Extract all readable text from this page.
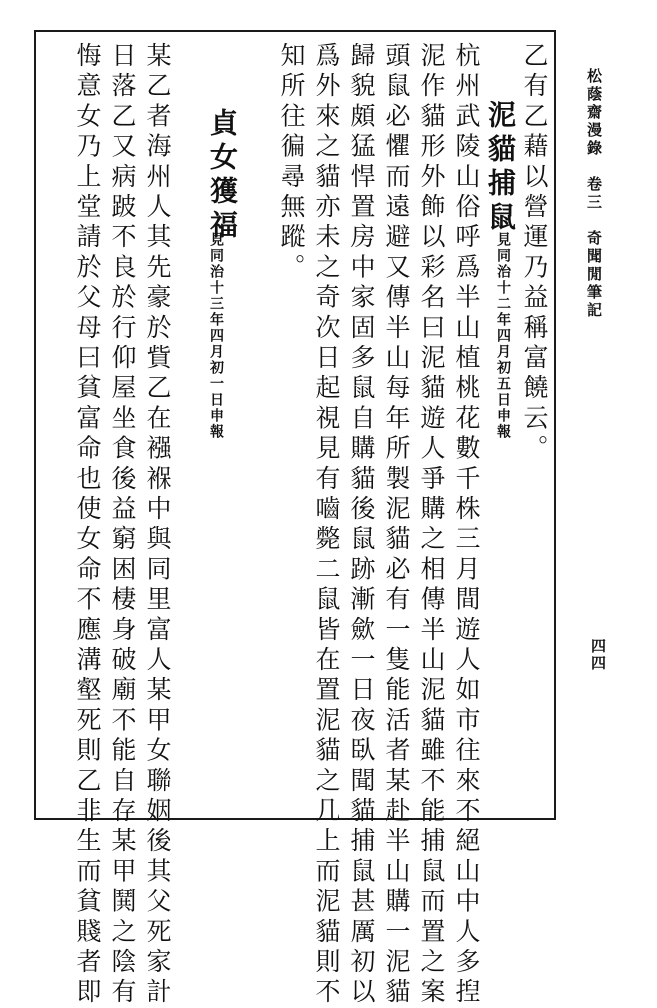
松蔭齋漫錄卷三奇聞閒筆記
四四
乙有乙藉以營運乃益稱富饒云。
泥貓捕鼠
見同治十二年四月初五日申報
杭州武陵山俗呼爲半山植桃花數千株三月間遊人如市往來不絕山中人多揑
泥作貓形外飾以彩名曰泥貓遊人爭購之相傳半山泥貓雖不能捕鼠而置之案
頭鼠必懼而遠避又傳半山每年所製泥貓必有一隻能活者某赴半山購一泥貓
歸貌頗猛悍置房中家固多鼠自購貓後鼠跡漸歛一日夜臥聞貓捕鼠甚厲初以
爲外來之貓亦未之奇次日起視見有嚙斃二鼠皆在置泥貓之几上而泥貓則不
知所往徧尋無蹤。
貞女獲福
見同治十三年四月初一日申報
某乙者海州人其先豪於貲乙在襁褓中與同里富人某甲女聯姻後其父死家計
日落乙又病跛不良於行仰屋坐食後益窮困棲身破廟不能自存某甲鬨之陰有
悔意女乃上堂請於父母曰貧富命也使女命不應溝壑死則乙非生而貧賤者即
